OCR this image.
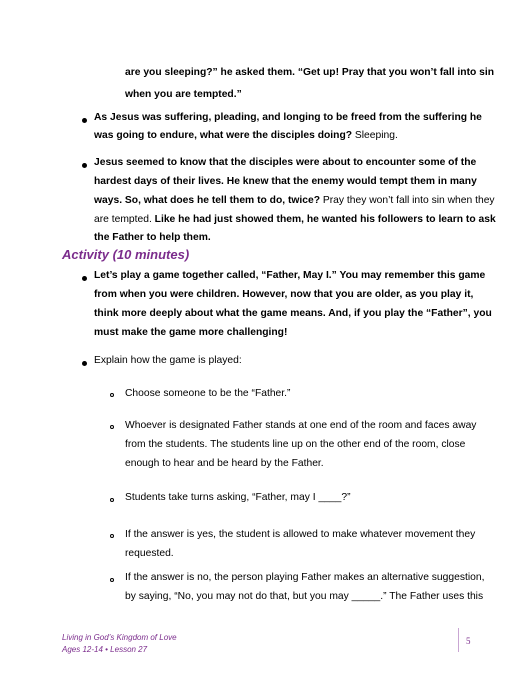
are you sleeping?” he asked them. “Get up! Pray that you won’t fall into sin

when you are tempted.”

As Jesus was suffering, pleading, and longing to be freed from the suffering he

was going to endure, what were the disciples doing? Sleeping.

Jesus seemed to know that the disciples were about to encounter some of the

hardest days of their lives. He knew that the enemy would tempt them in many

ways. So, what does he tell them to do, twice? Pray they won’t fall into sin when they

are tempted. Like he had just showed them, he wanted his followers to learn to ask

the Father to help them.

Activity (10 minutes)

Let’s play a game together called, “Father, May I.” You may remember this game

from when you were children. However, now that you are older, as you play it,

think more deeply about what the game means. And, if you play the “Father”, you

must make the game more challenging!

Explain how the game is played:

Choose someone to be the “Father.”

Whoever is designated Father stands at one end of the room and faces away

from the students. The students line up on the other end of the room, close

enough to hear and be heard by the Father.

Students take turns asking, “Father, may I ____?”

If the answer is yes, the student is allowed to make whatever movement they

requested.

If the answer is no, the person playing Father makes an alternative suggestion,

by saying, “No, you may not do that, but you may _____.” The Father uses this

Living in God’s Kingdom of Love

Ages 12-14 • Lesson 27

5
